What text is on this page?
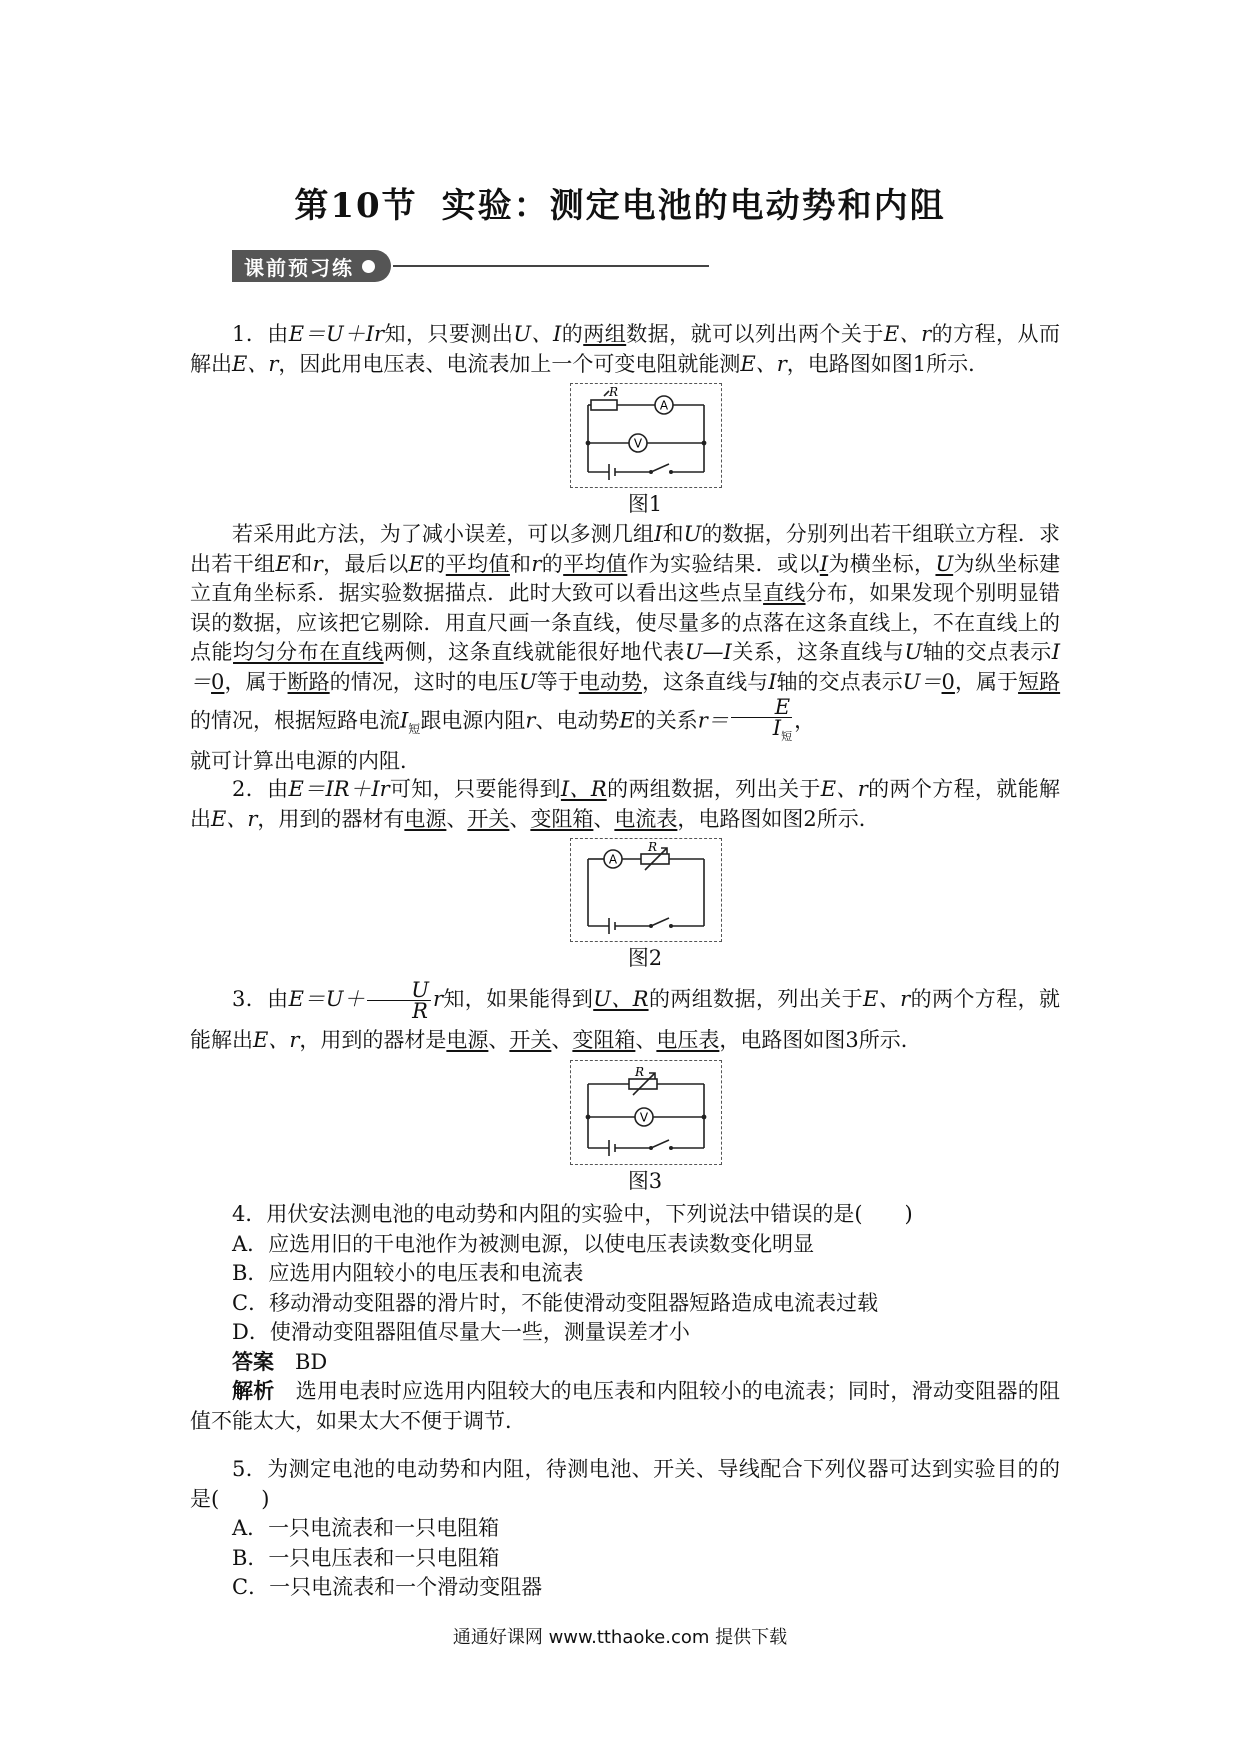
第10节 实验：测定电池的电动势和内阻
课前预习练

1．由E＝U＋Ir知，只要测出U、I的两组数据，就可以列出两个关于E、r的方程，从而解出E、r，因此用电压表、电流表加上一个可变电阻就能测E、r，电路图如图1所示．

R
A
V
图1

若采用此方法，为了减小误差，可以多测几组I和U的数据，分别列出若干组联立方程．求出若干组E和r，最后以E的平均值和r的平均值作为实验结果．或以I为横坐标，U为纵坐标建立直角坐标系．据实验数据描点．此时大致可以看出这些点呈直线分布，如果发现个别明显错误的数据，应该把它剔除．用直尺画一条直线，使尽量多的点落在这条直线上，不在直线上的点能均匀分布在直线两侧，这条直线就能很好地代表U—I关系，这条直线与U轴的交点表示I＝0，属于断路的情况，这时的电压U等于电动势，这条直线与I轴的交点表示U＝0，属于短路的情况，根据短路电流$I_短$跟电源内阻r、电动势E的关系$r= \frac{E}{I_短}$ ，

就可计算出电源的内阻．

2．由E＝IR＋Ir可知，只要能得到I、R的两组数据，列出关于E、r的两个方程，就能解出E、r，用到的器材有电源、开关、变阻箱、电流表，电路图如图2所示．

A
R
图2

3．由$E=U+ \frac{U}{R}$ r知，如果能得到U、R的两组数据，列出关于E、r的两个方程，就能解出E、r，用到的器材是电源、开关、变阻箱、电压表，电路图如图3所示．

R
V
图3

4．用伏安法测电池的电动势和内阻的实验中，下列说法中错误的是(　　)

A．应选用旧的干电池作为被测电源，以使电压表读数变化明显

B．应选用内阻较小的电压表和电流表

C．移动滑动变阻器的滑片时，不能使滑动变阻器短路造成电流表过载

D．使滑动变阻器阻值尽量大一些，测量误差才小

答案　 BD

解析　 选用电表时应选用内阻较大的电压表和内阻较小的电流表；同时，滑动变阻器的阻值不能太大，如果太大不便于调节．

5．为测定电池的电动势和内阻，待测电池、开关、导线配合下列仪器可达到实验目的的是(　　)

A．一只电流表和一只电阻箱

B．一只电压表和一只电阻箱

C．一只电流表和一个滑动变阻器

通通好课网 www.tthaoke.com 提供下载
